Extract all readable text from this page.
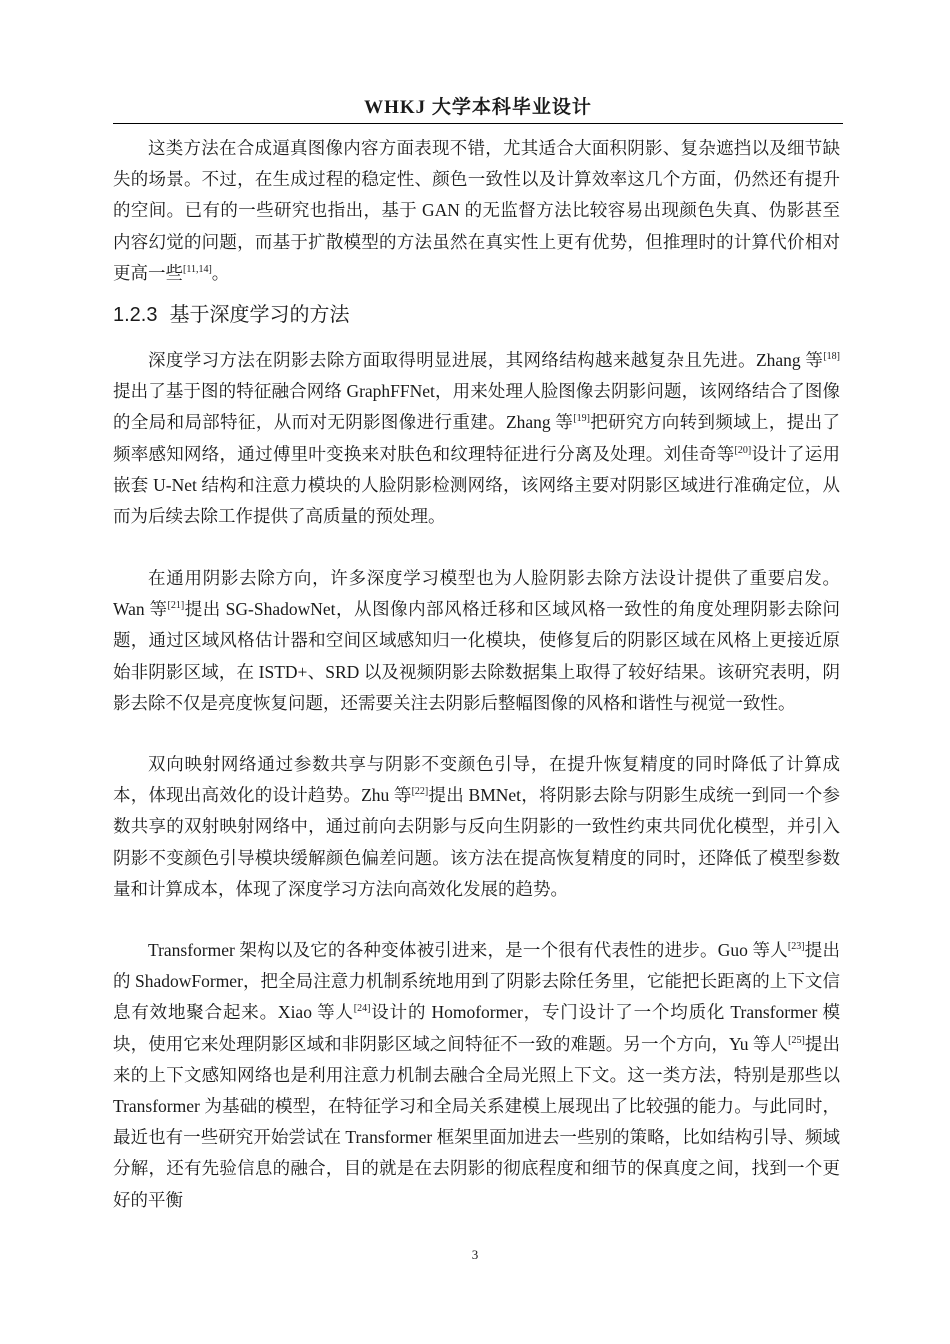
WHKJ 大学本科毕业设计

这类方法在合成逼真图像内容方面表现不错，尤其适合大面积阴影、复杂遮挡以及细节缺失的场景。不过，在生成过程的稳定性、颜色一致性以及计算效率这几个方面，仍然还有提升的空间。已有的一些研究也指出，基于 GAN 的无监督方法比较容易出现颜色失真、伪影甚至内容幻觉的问题，而基于扩散模型的方法虽然在真实性上更有优势，但推理时的计算代价相对更高一些[11,14]。

1.2.3 基于深度学习的方法

深度学习方法在阴影去除方面取得明显进展，其网络结构越来越复杂且先进。Zhang 等[18]提出了基于图的特征融合网络 GraphFFNet，用来处理人脸图像去阴影问题，该网络结合了图像的全局和局部特征，从而对无阴影图像进行重建。Zhang 等[19]把研究方向转到频域上，提出了频率感知网络，通过傅里叶变换来对肤色和纹理特征进行分离及处理。刘佳奇等[20]设计了运用嵌套 U-Net 结构和注意力模块的人脸阴影检测网络，该网络主要对阴影区域进行准确定位，从而为后续去除工作提供了高质量的预处理。

在通用阴影去除方向，许多深度学习模型也为人脸阴影去除方法设计提供了重要启发。Wan 等[21]提出 SG-ShadowNet，从图像内部风格迁移和区域风格一致性的角度处理阴影去除问题，通过区域风格估计器和空间区域感知归一化模块，使修复后的阴影区域在风格上更接近原始非阴影区域，在 ISTD+、SRD 以及视频阴影去除数据集上取得了较好结果。该研究表明，阴影去除不仅是亮度恢复问题，还需要关注去阴影后整幅图像的风格和谐性与视觉一致性。

双向映射网络通过参数共享与阴影不变颜色引导，在提升恢复精度的同时降低了计算成本，体现出高效化的设计趋势。Zhu 等[22]提出 BMNet，将阴影去除与阴影生成统一到同一个参数共享的双射映射网络中，通过前向去阴影与反向生阴影的一致性约束共同优化模型，并引入阴影不变颜色引导模块缓解颜色偏差问题。该方法在提高恢复精度的同时，还降低了模型参数量和计算成本，体现了深度学习方法向高效化发展的趋势。

Transformer 架构以及它的各种变体被引进来，是一个很有代表性的进步。Guo 等人[23]提出的 ShadowFormer，把全局注意力机制系统地用到了阴影去除任务里，它能把长距离的上下文信息有效地聚合起来。Xiao 等人[24]设计的 Homoformer，专门设计了一个均质化 Transformer 模块，使用它来处理阴影区域和非阴影区域之间特征不一致的难题。另一个方向，Yu 等人[25]提出来的上下文感知网络也是利用注意力机制去融合全局光照上下文。这一类方法，特别是那些以 Transformer 为基础的模型，在特征学习和全局关系建模上展现出了比较强的能力。与此同时，最近也有一些研究开始尝试在 Transformer 框架里面加进去一些别的策略，比如结构引导、频域分解，还有先验信息的融合，目的就是在去阴影的彻底程度和细节的保真度之间，找到一个更好的平衡

3
